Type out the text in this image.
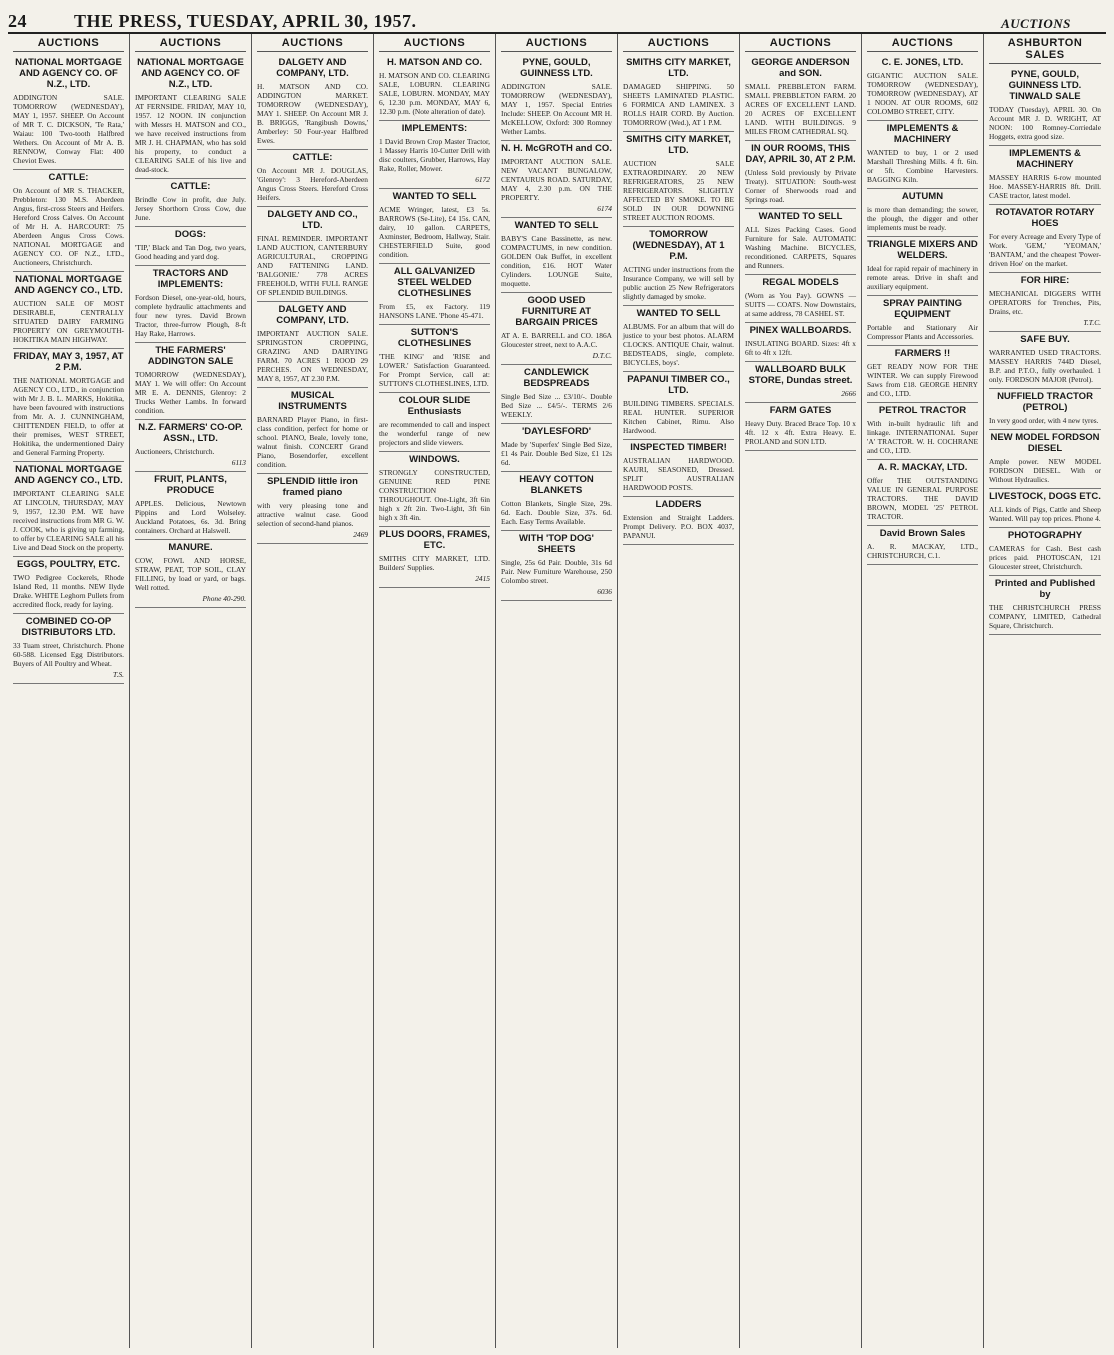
24	THE PRESS, TUESDAY, APRIL 30, 1957.	AUCTIONS
AUCTIONS
NATIONAL MORTGAGE AND AGENCY CO. OF N.Z., LTD.

ADDINGTON SALE. TOMORROW (WEDNESDAY), MAY 1, 1957. SHEEP. On Account of MR T. C. DICKSON, 'Te Rata,' Waiau: 100 Two-tooth Halfbred Wethers. On Account of Mr A. B. RENNOW, Conway Flat: 400 Cheviot Ewes.

CATTLE:

On Account of MR S. THACKER, Prebbleton: 130 M.S. Aberdeen Angus, first-cross Steers and Heifers. Hereford Cross Calves. On Account of Mr H. A. HARCOURT: 75 Aberdeen Angus Cross Cows. NATIONAL MORTGAGE and AGENCY CO. OF N.Z., LTD., Auctioneers, Christchurch.

NATIONAL MORTGAGE AND AGENCY CO., LTD.

AUCTION SALE OF MOST DESIRABLE, CENTRALLY SITUATED DAIRY FARMING PROPERTY ON GREYMOUTH-HOKITIKA MAIN HIGHWAY.

FRIDAY, MAY 3, 1957, AT 2 P.M.

THE NATIONAL MORTGAGE and AGENCY CO., LTD., in conjunction with Mr J. B. L. MARKS, Hokitika, have been favoured with instructions from Mr. A. J. CUNNINGHAM, CHITTENDEN FIELD, to offer at their premises, WEST STREET, Hokitika, the undermentioned Dairy and General Farming Property.

NATIONAL MORTGAGE AND AGENCY CO., LTD.

IMPORTANT CLEARING SALE AT LINCOLN, THURSDAY, MAY 9, 1957, 12.30 P.M. WE have received instructions from MR G. W. J. COOK, who is giving up farming, to offer by CLEARING SALE all his Live and Dead Stock on the property.

EGGS, POULTRY, ETC.

TWO Pedigree Cockerels, Rhode Island Red, 11 months. NEW Ilyde Drake. WHITE Leghorn Pullets from accredited flock, ready for laying.

COMBINED CO-OP DISTRIBUTORS LTD.

33 Tuam street, Christchurch. Phone 60-588. Licensed Egg Distributors. Buyers of All Poultry and Wheat.

T.S.
AUCTIONS
NATIONAL MORTGAGE AND AGENCY CO. OF N.Z., LTD.

IMPORTANT CLEARING SALE AT FERNSIDE. FRIDAY, MAY 10, 1957. 12 NOON. IN conjunction with Messrs H. MATSON and CO., we have received instructions from MR J. H. CHAPMAN, who has sold his property, to conduct a CLEARING SALE of his live and dead-stock.

CATTLE:

Brindle Cow in profit, due July. Jersey Shorthorn Cross Cow, due June.

DOGS:

'TIP,' Black and Tan Dog, two years, Good heading and yard dog.

TRACTORS AND IMPLEMENTS:

Fordson Diesel, one-year-old, hours, complete hydraulic attachments and four new tyres. David Brown Tractor, three-furrow Plough, 8-ft Hay Rake, Harrows.

THE FARMERS' ADDINGTON SALE

TOMORROW (WEDNESDAY), MAY 1. We will offer: On Account MR E. A. DENNIS, Glenroy: 2 Trucks Wether Lambs. In forward condition.

N.Z. FARMERS' CO-OP. ASSN., LTD.

Auctioneers, Christchurch.

6113
FRUIT, PLANTS, PRODUCE

APPLES. Delicious, Newtown Pippins and Lord Wolseley. Auckland Potatoes, 6s. 3d. Bring containers. Orchard at Halswell.

MANURE.

COW, FOWL AND HORSE, STRAW, PEAT, TOP SOIL, CLAY FILLING, by load or yard, or bags. Well rotted.

Phone 40-290.
AUCTIONS
DALGETY AND COMPANY, LTD.

H. MATSON AND CO. ADDINGTON MARKET. TOMORROW (WEDNESDAY), MAY 1. SHEEP. On Account MR J. B. BRIGGS, 'Rangibush Downs,' Amberley: 50 Four-year Halfbred Ewes.

CATTLE:

On Account MR J. DOUGLAS, 'Glenroy': 3 Hereford-Aberdeen Angus Cross Steers. Hereford Cross Heifers.

DALGETY AND CO., LTD.

FINAL REMINDER. IMPORTANT LAND AUCTION, CANTERBURY AGRICULTURAL, CROPPING AND FATTENING LAND. 'BALGONIE.' 778 ACRES FREEHOLD, WITH FULL RANGE OF SPLENDID BUILDINGS.

DALGETY AND COMPANY, LTD.

IMPORTANT AUCTION SALE. SPRINGSTON CROPPING, GRAZING AND DAIRYING FARM. 70 ACRES 1 ROOD 29 PERCHES. ON WEDNESDAY, MAY 8, 1957, AT 2.30 P.M.

MUSICAL INSTRUMENTS

BARNARD Player Piano, in first-class condition, perfect for home or school. PIANO, Beale, lovely tone, walnut finish. CONCERT Grand Piano, Bosendorfer, excellent condition.

SPLENDID little iron framed piano

with very pleasing tone and attractive walnut case. Good selection of second-hand pianos.

2469
AUCTIONS
H. MATSON AND CO.

H. MATSON AND CO. CLEARING SALE, LOBURN. CLEARING SALE, LOBURN. MONDAY, MAY 6, 12.30 p.m. MONDAY, MAY 6, 12.30 p.m. (Note alteration of date).

IMPLEMENTS:

1 David Brown Crop Master Tractor, 1 Massey Harris 10-Cutter Drill with disc coulters, Grubber, Harrows, Hay Rake, Roller, Mower.

6172
WANTED TO SELL

ACME Wringer, latest, £3 5s. BARROWS (Se-Lite), £4 15s. CAN, dairy, 10 gallon. CARPETS, Axminster, Bedroom, Hallway, Stair. CHESTERFIELD Suite, good condition.

ALL GALVANIZED STEEL WELDED CLOTHESLINES

From £5, ex Factory. 119 HANSONS LANE. 'Phone 45-471.

SUTTON'S CLOTHESLINES

'THE KING' and 'RISE and LOWER.' Satisfaction Guaranteed. For Prompt Service, call at: SUTTON'S CLOTHESLINES, LTD.

COLOUR SLIDE Enthusiasts

are recommended to call and inspect the wonderful range of new projectors and slide viewers.

WINDOWS.

STRONGLY CONSTRUCTED, GENUINE RED PINE CONSTRUCTION THROUGHOUT. One-Light, 3ft 6in high x 2ft 2in. Two-Light, 3ft 6in high x 3ft 4in.

PLUS DOORS, FRAMES, ETC.

SMITHS CITY MARKET, LTD. Builders' Supplies.

2415
AUCTIONS
PYNE, GOULD, GUINNESS LTD.

ADDINGTON SALE. TOMORROW (WEDNESDAY), MAY 1, 1957. Special Entries Include: SHEEP. On Account MR H. McKELLOW, Oxford: 300 Romney Wether Lambs.

N. H. McGROTH and CO.

IMPORTANT AUCTION SALE. NEW VACANT BUNGALOW, CENTAURUS ROAD. SATURDAY, MAY 4, 2.30 p.m. ON THE PROPERTY.

6174
WANTED TO SELL

BABY'S Cane Bassinette, as new. COMPACTUMS, in new condition. GOLDEN Oak Buffet, in excellent condition, £16. HOT Water Cylinders. LOUNGE Suite, moquette.

GOOD USED FURNITURE AT BARGAIN PRICES

AT A. E. BARRELL and CO. 186A Gloucester street, next to A.A.C.

D.T.C.
CANDLEWICK BEDSPREADS

Single Bed Size ... £3/10/-. Double Bed Size ... £4/5/-. TERMS 2/6 WEEKLY.

'DAYLESFORD'

Made by 'Superfex' Single Bed Size, £1 4s Pair. Double Bed Size, £1 12s 6d.

HEAVY COTTON BLANKETS

Cotton Blankets, Single Size, 29s. 6d. Each. Double Size, 37s. 6d. Each. Easy Terms Available.

WITH 'TOP DOG' SHEETS

Single, 25s 6d Pair. Double, 31s 6d Pair. New Furniture Warehouse, 250 Colombo street.

6036
AUCTIONS
SMITHS CITY MARKET, LTD.

DAMAGED SHIPPING. 50 SHEETS LAMINATED PLASTIC. 6 FORMICA AND LAMINEX. 3 ROLLS HAIR CORD. By Auction. TOMORROW (Wed.), AT 1 P.M.

SMITHS CITY MARKET, LTD.

AUCTION SALE EXTRAORDINARY. 20 NEW REFRIGERATORS, 25 NEW REFRIGERATORS. SLIGHTLY AFFECTED BY SMOKE. TO BE SOLD IN OUR DOWNING STREET AUCTION ROOMS.

TOMORROW (WEDNESDAY), AT 1 P.M.

ACTING under instructions from the Insurance Company, we will sell by public auction 25 New Refrigerators slightly damaged by smoke.

WANTED TO SELL

ALBUMS. For an album that will do justice to your best photos. ALARM CLOCKS. ANTIQUE Chair, walnut. BEDSTEADS, single, complete. BICYCLES, boys'.

PAPANUI TIMBER CO., LTD.

BUILDING TIMBERS. SPECIALS. REAL HUNTER. SUPERIOR Kitchen Cabinet, Rimu. Also Hardwood.

INSPECTED TIMBER!

AUSTRALIAN HARDWOOD. KAURI, SEASONED, Dressed. SPLIT AUSTRALIAN HARDWOOD POSTS.

LADDERS

Extension and Straight Ladders. Prompt Delivery. P.O. BOX 4037, PAPANUI.

AUCTIONS
GEORGE ANDERSON and SON.

SMALL PREBBLETON FARM. SMALL PREBBLETON FARM. 20 ACRES OF EXCELLENT LAND. 20 ACRES OF EXCELLENT LAND. WITH BUILDINGS. 9 MILES FROM CATHEDRAL SQ.

IN OUR ROOMS, THIS DAY, APRIL 30, AT 2 P.M.

(Unless Sold previously by Private Treaty). SITUATION: South-west Corner of Sherwoods road and Springs road.

WANTED TO SELL

ALL Sizes Packing Cases. Good Furniture for Sale. AUTOMATIC Washing Machine. BICYCLES, reconditioned. CARPETS, Squares and Runners.

REGAL MODELS

(Worn as You Pay). GOWNS — SUITS — COATS. Now Downstairs, at same address, 78 CASHEL ST.

PINEX WALLBOARDS.

INSULATING BOARD. Sizes: 4ft x 6ft to 4ft x 12ft.

WALLBOARD BULK STORE, Dundas street.
2666
FARM GATES

Heavy Duty. Braced Brace Top. 10 x 4ft. 12 x 4ft. Extra Heavy. E. PROLAND and SON LTD.

AUCTIONS
C. E. JONES, LTD.

GIGANTIC AUCTION SALE. TOMORROW (WEDNESDAY), TOMORROW (WEDNESDAY), AT 1 NOON. AT OUR ROOMS, 602 COLOMBO STREET, CITY.

IMPLEMENTS & MACHINERY

WANTED to buy, 1 or 2 used Marshall Threshing Mills. 4 ft. 6in. or 5ft. Combine Harvesters. BAGGING Kiln.

AUTUMN

is more than demanding; the sower, the plough, the digger and other implements must be ready.

TRIANGLE MIXERS AND WELDERS.

Ideal for rapid repair of machinery in remote areas. Drive in shaft and auxiliary equipment.

SPRAY PAINTING EQUIPMENT

Portable and Stationary Air Compressor Plants and Accessories.

FARMERS !!

GET READY NOW FOR THE WINTER. We can supply Firewood Saws from £18. GEORGE HENRY and CO., LTD.

PETROL TRACTOR

With in-built hydraulic lift and linkage. INTERNATIONAL Super 'A' TRACTOR. W. H. COCHRANE and CO., LTD.

A. R. MACKAY, LTD.

Offer THE OUTSTANDING VALUE IN GENERAL PURPOSE TRACTORS. THE DAVID BROWN, MODEL '25' PETROL TRACTOR.

David Brown Sales

A. R. MACKAY, LTD., CHRISTCHURCH, C.1.

ASHBURTON SALES
PYNE, GOULD, GUINNESS LTD. TINWALD SALE

TODAY (Tuesday), APRIL 30. On Account MR J. D. WRIGHT, AT NOON: 100 Romney-Corriedale Hoggets, extra good size.

IMPLEMENTS & MACHINERY

MASSEY HARRIS 6-row mounted Hoe. MASSEY-HARRIS 8ft. Drill. CASE tractor, latest model.

ROTAVATOR ROTARY HOES

For every Acreage and Every Type of Work. 'GEM,' 'YEOMAN,' 'BANTAM,' and the cheapest 'Power-driven Hoe' on the market.

FOR HIRE:

MECHANICAL DIGGERS WITH OPERATORS for Trenches, Pits, Drains, etc.

T.T.C.
SAFE BUY.

WARRANTED USED TRACTORS. MASSEY HARRIS 744D Diesel, B.P. and P.T.O., fully overhauled. 1 only. FORDSON MAJOR (Petrol).

NUFFIELD TRACTOR (PETROL)

In very good order, with 4 new tyres.

NEW MODEL FORDSON DIESEL

Ample power. NEW MODEL FORDSON DIESEL. With or Without Hydraulics.

LIVESTOCK, DOGS ETC.

ALL kinds of Pigs, Cattle and Sheep Wanted. Will pay top prices. Phone 4.

PHOTOGRAPHY

CAMERAS for Cash. Best cash prices paid. PHOTOSCAN, 121 Gloucester street, Christchurch.

Printed and Published by

THE CHRISTCHURCH PRESS COMPANY, LIMITED, Cathedral Square, Christchurch.
